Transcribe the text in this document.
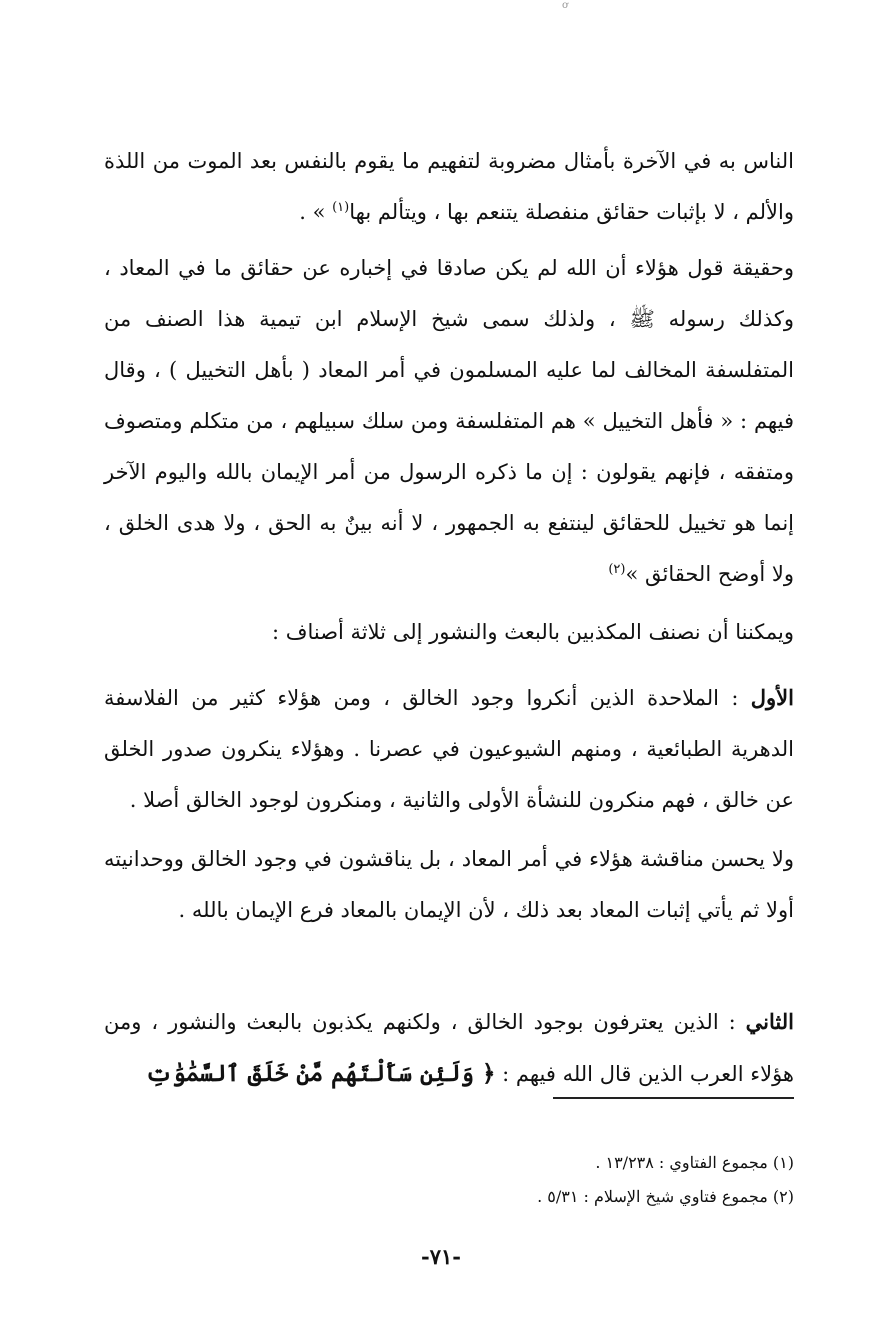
ơ
الناس به في الآخرة بأمثال مضروبة لتفهيم ما يقوم بالنفس بعد الموت من اللذة والألم ، لا بإثبات حقائق منفصلة يتنعم بها ، ويتألم بها$^{(١)}$ » .
وحقيقة قول هؤلاء أن الله لم يكن صادقا في إخباره عن حقائق ما في المعاد ، وكذلك رسوله ﷺ ، ولذلك سمى شيخ الإسلام ابن تيمية هذا الصنف من المتفلسفة المخالف لما عليه المسلمون في أمر المعاد ( بأهل التخييل ) ، وقال فيهم : « فأهل التخييل » هم المتفلسفة ومن سلك سبيلهم ، من متكلم ومتصوف ومتفقه ، فإنهم يقولون : إن ما ذكره الرسول من أمر الإيمان بالله واليوم الآخر إنما هو تخييل للحقائق لينتفع به الجمهور ، لا أنه بينٌ به الحق ، ولا هدى الخلق ، ولا أوضح الحقائق »$^{(٢)}$
ويمكننا أن نصنف المكذبين بالبعث والنشور إلى ثلاثة أصناف :
الأول : الملاحدة الذين أنكروا وجود الخالق ، ومن هؤلاء كثير من الفلاسفة الدهرية الطبائعية ، ومنهم الشيوعيون في عصرنا . وهؤلاء ينكرون صدور الخلق عن خالق ، فهم منكرون للنشأة الأولى والثانية ، ومنكرون لوجود الخالق أصلا .
ولا يحسن مناقشة هؤلاء في أمر المعاد ، بل يناقشون في وجود الخالق ووحدانيته أولا ثم يأتي إثبات المعاد بعد ذلك ، لأن الإيمان بالمعاد فرع الإيمان بالله .
الثاني : الذين يعترفون بوجود الخالق ، ولكنهم يكذبون بالبعث والنشور ، ومن هؤلاء العرب الذين قال الله فيهم : ﴿ وَلَئِن سَأَلْتَهُم مَّنْ خَلَقَ ٱلسَّمَٰوَٰتِ
(١) مجموع الفتاوي : ١٣/٢٣٨ .
(٢) مجموع فتاوي شيخ الإسلام : ٥/٣١ .
-٧١-
